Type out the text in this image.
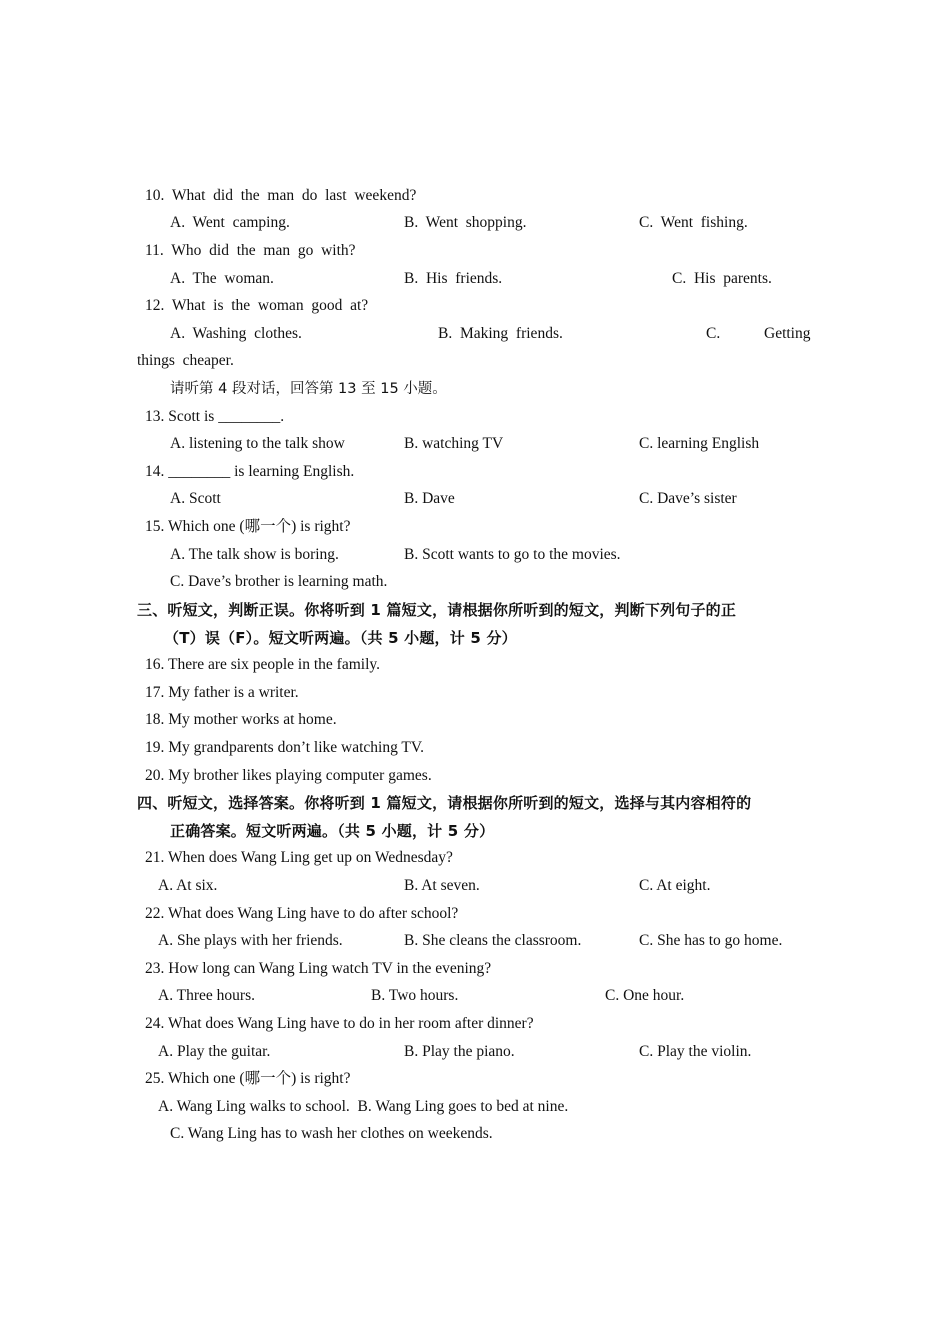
10.  What  did  the  man  do  last  weekend?
A.  Went  camping.	B.  Went  shopping.	C.  Went  fishing.
11.  Who  did  the  man  go  with?
A.  The  woman.	B.  His  friends.	C.  His  parents.
12.  What  is  the  woman  good  at?
A.  Washing  clothes.	B.  Making  friends.	C.	Getting
things  cheaper.
请听第 4 段对话，回答第 13 至 15 小题。
13. Scott is ________.
A. listening to the talk show	B. watching TV	C. learning English
14. ________ is learning English.
A. Scott	B. Dave	C. Dave’s sister
15. Which one (哪一个) is right?
A. The talk show is boring.	B. Scott wants to go to the movies.
C. Dave’s brother is learning math.
三、听短文，判断正误。你将听到 1 篇短文，请根据你所听到的短文，判断下列句子的正
（T）误（F）。短文听两遍。（共 5 小题，计 5 分）
16. There are six people in the family.
17. My father is a writer.
18. My mother works at home.
19. My grandparents don’t like watching TV.
20. My brother likes playing computer games.
四、听短文，选择答案。你将听到 1 篇短文，请根据你所听到的短文，选择与其内容相符的
正确答案。短文听两遍。（共 5 小题，计 5 分）
21. When does Wang Ling get up on Wednesday?
A. At six.	B. At seven.	C. At eight.
22. What does Wang Ling have to do after school?
A. She plays with her friends.	B. She cleans the classroom.	C. She has to go home.
23. How long can Wang Ling watch TV in the evening?
A. Three hours.	B. Two hours.	C. One hour.
24. What does Wang Ling have to do in her room after dinner?
A. Play the guitar.	B. Play the piano.	C. Play the violin.
25. Which one (哪一个) is right?
A. Wang Ling walks to school.  B. Wang Ling goes to bed at nine.
C. Wang Ling has to wash her clothes on weekends.
